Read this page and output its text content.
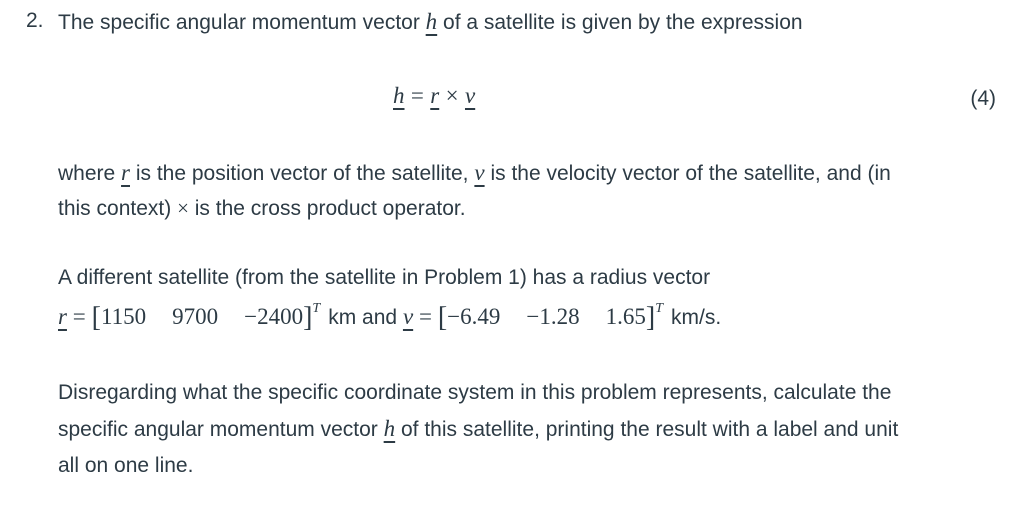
2. The specific angular momentum vector h of a satellite is given by the expression
h = r × v	(4)
where r is the position vector of the satellite, v is the velocity vector of the satellite, and (in
this context) × is the cross product operator.
A different satellite (from the satellite in Problem 1) has a radius vector
r = [1150 9700 −2400]$^T$ km and v = [−6.49 −1.28 1.65]$^T$ km/s.
Disregarding what the specific coordinate system in this problem represents, calculate the
specific angular momentum vector h of this satellite, printing the result with a label and unit
all on one line.
